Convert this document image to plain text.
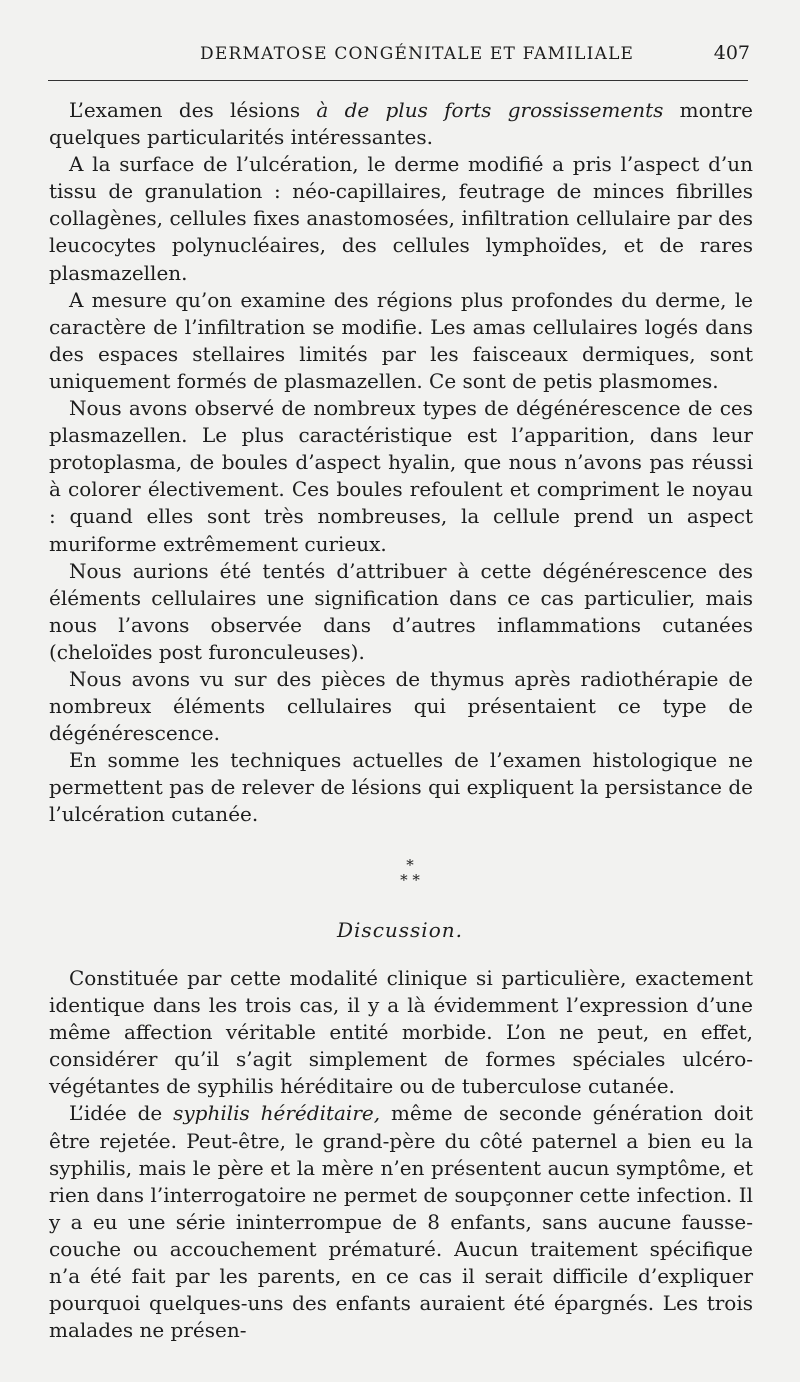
DERMATOSE CONGÉNITALE ET FAMILIALE	407

L’examen des lésions à de plus forts grossissements montre quelques particularités intéressantes.

A la surface de l’ulcération, le derme modifié a pris l’aspect d’un tissu de granulation : néo-capillaires, feutrage de minces fibrilles collagènes, cellules fixes anastomosées, infiltration cellulaire par des leucocytes polynucléaires, des cellules lymphoïdes, et de rares plasmazellen.

A mesure qu’on examine des régions plus profondes du derme, le caractère de l’infiltration se modifie. Les amas cellulaires logés dans des espaces stellaires limités par les faisceaux dermiques, sont uniquement formés de plasmazellen. Ce sont de petis plasmomes.

Nous avons observé de nombreux types de dégénérescence de ces plasmazellen. Le plus caractéristique est l’apparition, dans leur protoplasma, de boules d’aspect hyalin, que nous n’avons pas réussi à colorer électivement. Ces boules refoulent et compriment le noyau : quand elles sont très nombreuses, la cellule prend un aspect muriforme extrêmement curieux.

Nous aurions été tentés d’attribuer à cette dégénérescence des éléments cellulaires une signification dans ce cas particulier, mais nous l’avons observée dans d’autres inflammations cutanées (cheloïdes post furonculeuses).

Nous avons vu sur des pièces de thymus après radiothérapie de nombreux éléments cellulaires qui présentaient ce type de dégénérescence.

En somme les techniques actuelles de l’examen histologique ne permettent pas de relever de lésions qui expliquent la persistance de l’ulcération cutanée.

*
* *
Discussion.

Constituée par cette modalité clinique si particulière, exactement identique dans les trois cas, il y a là évidemment l’expression d’une même affection véritable entité morbide. L’on ne peut, en effet, considérer qu’il s’agit simplement de formes spéciales ulcéro-végétantes de syphilis héréditaire ou de tuberculose cutanée.

L’idée de syphilis héréditaire, même de seconde génération doit être rejetée. Peut-être, le grand-père du côté paternel a bien eu la syphilis, mais le père et la mère n’en présentent aucun symptôme, et rien dans l’interrogatoire ne permet de soupçonner cette infection. Il y a eu une série ininterrompue de 8 enfants, sans aucune fausse-couche ou accouchement prématuré. Aucun traitement spécifique n’a été fait par les parents, en ce cas il serait difficile d’expliquer pourquoi quelques-uns des enfants auraient été épargnés. Les trois malades ne présen-
